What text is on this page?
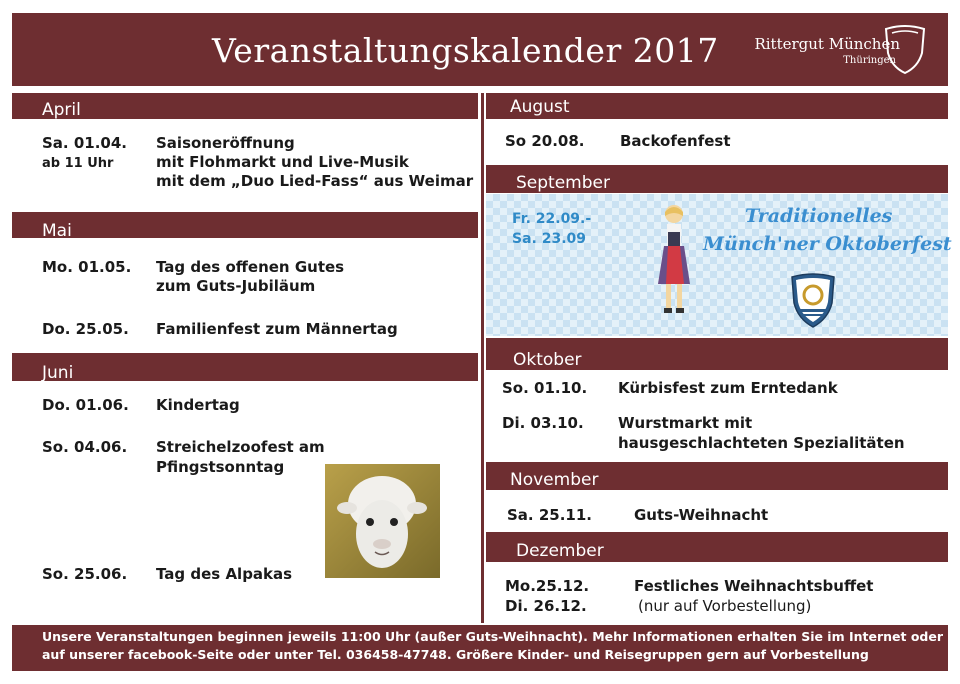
Veranstaltungskalender 2017 Rittergut München
Thüringen
April
Sa. 01.04.
ab 11 Uhr
Saisoneröffnung
mit Flohmarkt und Live-Musik
mit dem „Duo Lied-Fass“ aus Weimar
Mai
Mo. 01.05. Tag des offenen Gutes
zum Guts-Jubiläum
Do. 25.05. Familienfest zum Männertag
Juni
Do. 01.06. Kindertag
So. 04.06. Streichelzoofest am
Pfingstsonntag
So. 25.06. Tag des Alpakas
August
So 20.08. Backofenfest
September
Fr. 22.09.-
Sa. 23.09
Traditionelles
Münch'ner Oktoberfest
Oktober
So. 01.10. Kürbisfest zum Erntedank
Di. 03.10. Wurstmarkt mit
hausgeschlachteten Spezialitäten
November
Sa. 25.11.	Guts-Weihnacht
Dezember
Mo.25.12.
Di. 26.12.
Festliches Weihnachtsbuffet
(nur auf Vorbestellung)
Unsere Veranstaltungen beginnen jeweils 11:00 Uhr (außer Guts-Weihnacht). Mehr Informationen erhalten Sie im Internet oder
auf unserer facebook-Seite oder unter Tel. 036458-47748. Größere Kinder- und Reisegruppen gern auf Vorbestellung
